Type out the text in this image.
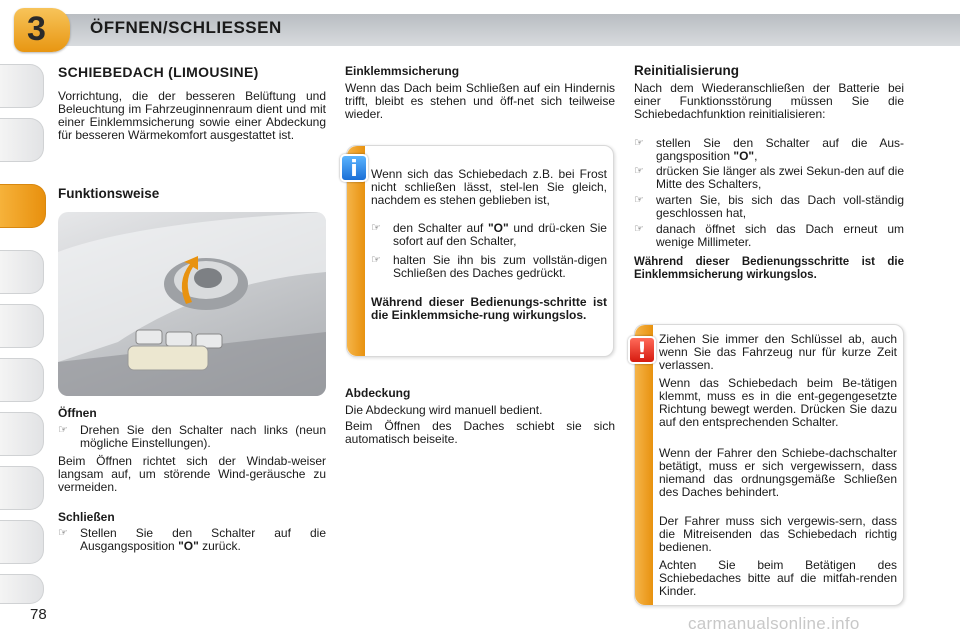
3	ÖFFNEN/SCHLIESSEN
SCHIEBEDACH (LIMOUSINE)
Vorrichtung, die der besseren Belüftung und Beleuchtung im Fahrzeuginnenraum dient und mit einer Einklemmsicherung sowie einer Abdeckung für besseren Wärmekomfort ausgestattet ist.
Funktionsweise
Öffnen
☞ Drehen Sie den Schalter nach links (neun mögliche Einstellungen).
Beim Öffnen richtet sich der Windab-weiser langsam auf, um störende Wind-geräusche zu vermeiden.
Schließen
☞ Stellen Sie den Schalter auf die Ausgangsposition "O" zurück.
Einklemmsicherung
Wenn das Dach beim Schließen auf ein Hindernis trifft, bleibt es stehen und öff-net sich teilweise wieder.
Wenn sich das Schiebedach z.B. bei Frost nicht schließen lässt, stel-len Sie gleich, nachdem es stehen geblieben ist,
☞ den Schalter auf "O" und drü-cken Sie sofort auf den Schalter,
☞ halten Sie ihn bis zum vollstän-digen Schließen des Daches gedrückt.
Während dieser Bedienungs-schritte ist die Einklemmsiche-rung wirkungslos.
i
Abdeckung
Die Abdeckung wird manuell bedient.
Beim Öffnen des Daches schiebt sie sich automatisch beiseite.
Reinitialisierung
Nach dem Wiederanschließen der Batterie bei einer Funktionsstörung müssen Sie die Schiebedachfunktion reinitialisieren:
☞ stellen Sie den Schalter auf die Aus-gangsposition "O",
☞ drücken Sie länger als zwei Sekun-den auf die Mitte des Schalters,
☞ warten Sie, bis sich das Dach voll-ständig geschlossen hat,
☞ danach öffnet sich das Dach erneut um wenige Millimeter.
Während dieser Bedienungsschritte ist die Einklemmsicherung wirkungslos.
Ziehen Sie immer den Schlüssel ab, auch wenn Sie das Fahrzeug nur für kurze Zeit verlassen.
Wenn das Schiebedach beim Be-tätigen klemmt, muss es in die ent-gegengesetzte Richtung bewegt werden. Drücken Sie dazu auf den entsprechenden Schalter.
Wenn der Fahrer den Schiebe-dachschalter betätigt, muss er sich vergewissern, dass niemand das ordnungsgemäße Schließen des Daches behindert.
Der Fahrer muss sich vergewis-sern, dass die Mitreisenden das Schiebedach richtig bedienen.
Achten Sie beim Betätigen des Schiebedaches bitte auf die mitfah-renden Kinder.
!
78	carmanualsonline.info
